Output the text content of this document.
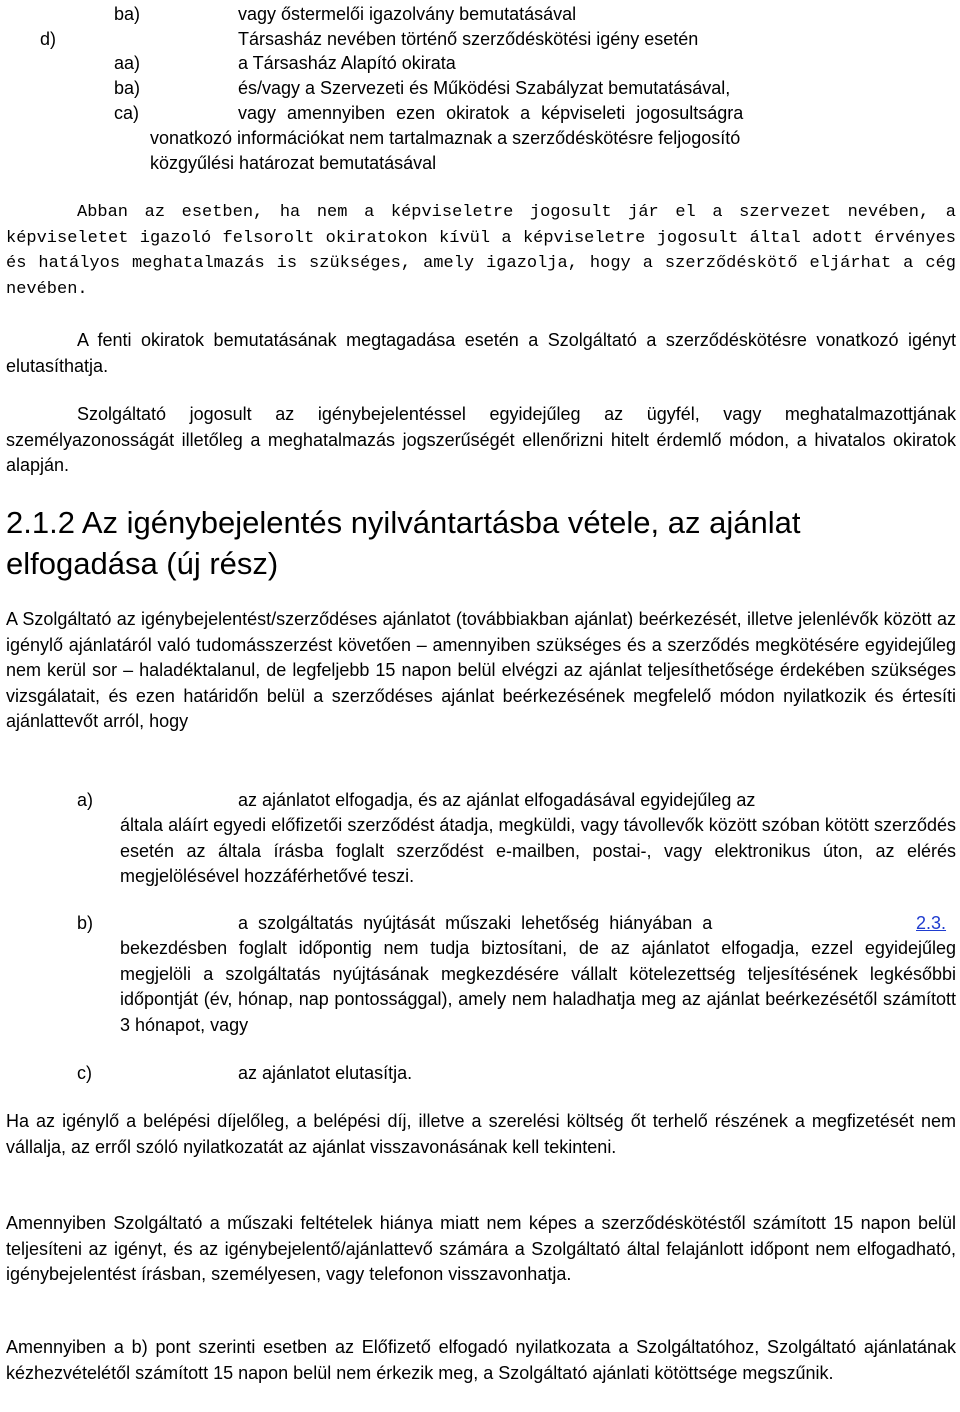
ba)	vagy őstermelői igazolvány bemutatásával
d)	Társasház nevében történő szerződéskötési igény esetén
aa)	a Társasház Alapító okirata
ba)	és/vagy a Szervezeti és Működési Szabályzat bemutatásával,
ca)	vagy amennyiben ezen okiratok a képviseleti jogosultságra
vonatkozó információkat nem tartalmaznak a szerződéskötésre feljogosító
közgyűlési határozat bemutatásával
Abban az esetben, ha nem a képviseletre jogosult jár el a szervezet nevében, a képviseletet igazoló felsorolt okiratokon kívül a képviseletre jogosult által adott érvényes és hatályos meghatalmazás is szükséges, amely igazolja, hogy a szerződéskötő eljárhat a cég nevében.
A fenti okiratok bemutatásának megtagadása esetén a Szolgáltató a szerződéskötésre vonatkozó igényt elutasíthatja.
Szolgáltató jogosult az igénybejelentéssel egyidejűleg az ügyfél, vagy meghatalmazottjának személyazonosságát illetőleg a meghatalmazás jogszerűségét ellenőrizni hitelt érdemlő módon, a hivatalos okiratok alapján.
2.1.2 Az igénybejelentés nyilvántartásba vétele, az ajánlat elfogadása (új rész)
A Szolgáltató az igénybejelentést/szerződéses ajánlatot (továbbiakban ajánlat) beérkezését, illetve jelenlévők között az igénylő ajánlatáról való tudomásszerzést követően – amennyiben szükséges és a szerződés megkötésére egyidejűleg nem kerül sor – haladéktalanul, de legfeljebb 15 napon belül elvégzi az ajánlat teljesíthetősége érdekében szükséges vizsgálatait, és ezen határidőn belül a szerződéses ajánlat beérkezésének megfelelő módon nyilatkozik és értesíti ajánlattevőt arról, hogy
a)	az ajánlatot elfogadja, és az ajánlat elfogadásával egyidejűleg az
általa aláírt egyedi előfizetői szerződést átadja, megküldi, vagy távollevők között szóban kötött szerződés esetén az általa írásba foglalt szerződést e-mailben, postai-, vagy elektronikus úton, az elérés megjelölésével hozzáférhetővé teszi.
b)	a szolgáltatás nyújtását műszaki lehetőség hiányában a	2.3.
bekezdésben foglalt időpontig nem tudja biztosítani, de az ajánlatot elfogadja, ezzel egyidejűleg megjelöli a szolgáltatás nyújtásának megkezdésére vállalt kötelezettség teljesítésének legkésőbbi időpontját (év, hónap, nap pontossággal), amely nem haladhatja meg az ajánlat beérkezésétől számított 3 hónapot, vagy
c)	az ajánlatot elutasítja.
Ha az igénylő a belépési díjelőleg, a belépési díj, illetve a szerelési költség őt terhelő részének a megfizetését nem vállalja, az erről szóló nyilatkozatát az ajánlat visszavonásának kell tekinteni.
Amennyiben Szolgáltató a műszaki feltételek hiánya miatt nem képes a szerződéskötéstől számított 15 napon belül teljesíteni az igényt, és az igénybejelentő/ajánlattevő számára a Szolgáltató által felajánlott időpont nem elfogadható, igénybejelentést írásban, személyesen, vagy telefonon visszavonhatja.
Amennyiben a b) pont szerinti esetben az Előfizető elfogadó nyilatkozata a Szolgáltatóhoz, Szolgáltató ajánlatának kézhezvételétől számított 15 napon belül nem érkezik meg, a Szolgáltató ajánlati kötöttsége megszűnik.
